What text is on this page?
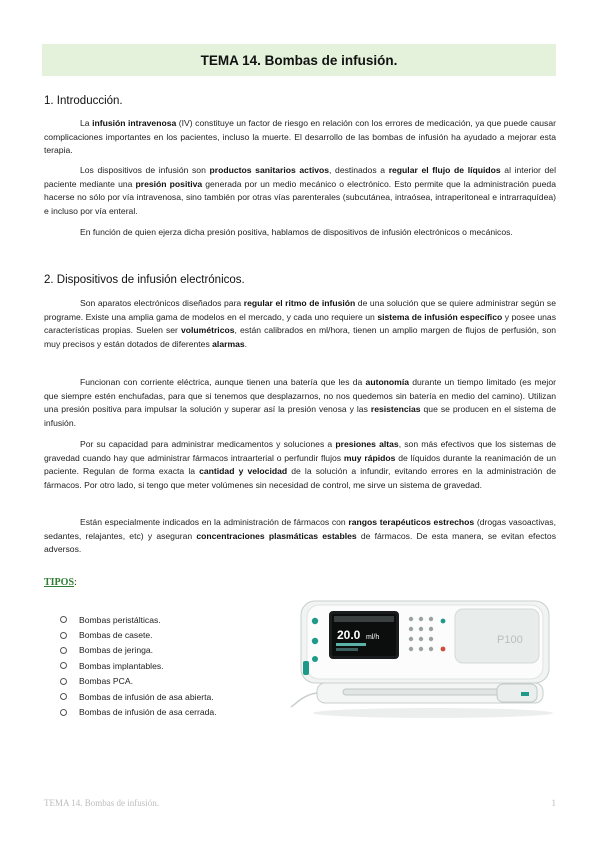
TEMA 14. Bombas de infusión.
1. Introducción.

La infusión intravenosa (IV) constituye un factor de riesgo en relación con los errores de medicación, ya que puede causar complicaciones importantes en los pacientes, incluso la muerte. El desarrollo de las bombas de infusión ha ayudado a mejorar esta terapia.

Los dispositivos de infusión son productos sanitarios activos, destinados a regular el flujo de líquidos al interior del paciente mediante una presión positiva generada por un medio mecánico o electrónico. Esto permite que la administración pueda hacerse no sólo por vía intravenosa, sino también por otras vías parenterales (subcutánea, intraósea, intraperitoneal e intrarraquídea) e incluso por vía enteral.

En función de quien ejerza dicha presión positiva, hablamos de dispositivos de infusión electrónicos o mecánicos.

2. Dispositivos de infusión electrónicos.

Son aparatos electrónicos diseñados para regular el ritmo de infusión de una solución que se quiere administrar según se programe. Existe una amplia gama de modelos en el mercado, y cada uno requiere un sistema de infusión específico y posee unas características propias. Suelen ser volumétricos, están calibrados en ml/hora, tienen un amplio margen de flujos de perfusión, son muy precisos y están dotados de diferentes alarmas.

Funcionan con corriente eléctrica, aunque tienen una batería que les da autonomía durante un tiempo limitado (es mejor que siempre estén enchufadas, para que si tenemos que desplazarnos, no nos quedemos sin batería en medio del camino). Utilizan una presión positiva para impulsar la solución y superar así la presión venosa y las resistencias que se producen en el sistema de infusión.

Por su capacidad para administrar medicamentos y soluciones a presiones altas, son más efectivos que los sistemas de gravedad cuando hay que administrar fármacos intraarterial o perfundir flujos muy rápidos de líquidos durante la reanimación de un paciente. Regulan de forma exacta la cantidad y velocidad de la solución a infundir, evitando errores en la administración de fármacos. Por otro lado, si tengo que meter volúmenes sin necesidad de control, me sirve un sistema de gravedad.

Están especialmente indicados en la administración de fármacos con rangos terapéuticos estrechos (drogas vasoactivas, sedantes, relajantes, etc) y aseguran concentraciones plasmáticas estables de fármacos. De esta manera, se evitan efectos adversos.

TIPOS:
Bombas peristálticas.
Bombas de casete.
Bombas de jeringa.
Bombas implantables.
Bombas PCA.
Bombas de infusión de asa abierta.
Bombas de infusión de asa cerrada.
20.0 ml/h	P100
TEMA 14. Bombas de infusión.	1
